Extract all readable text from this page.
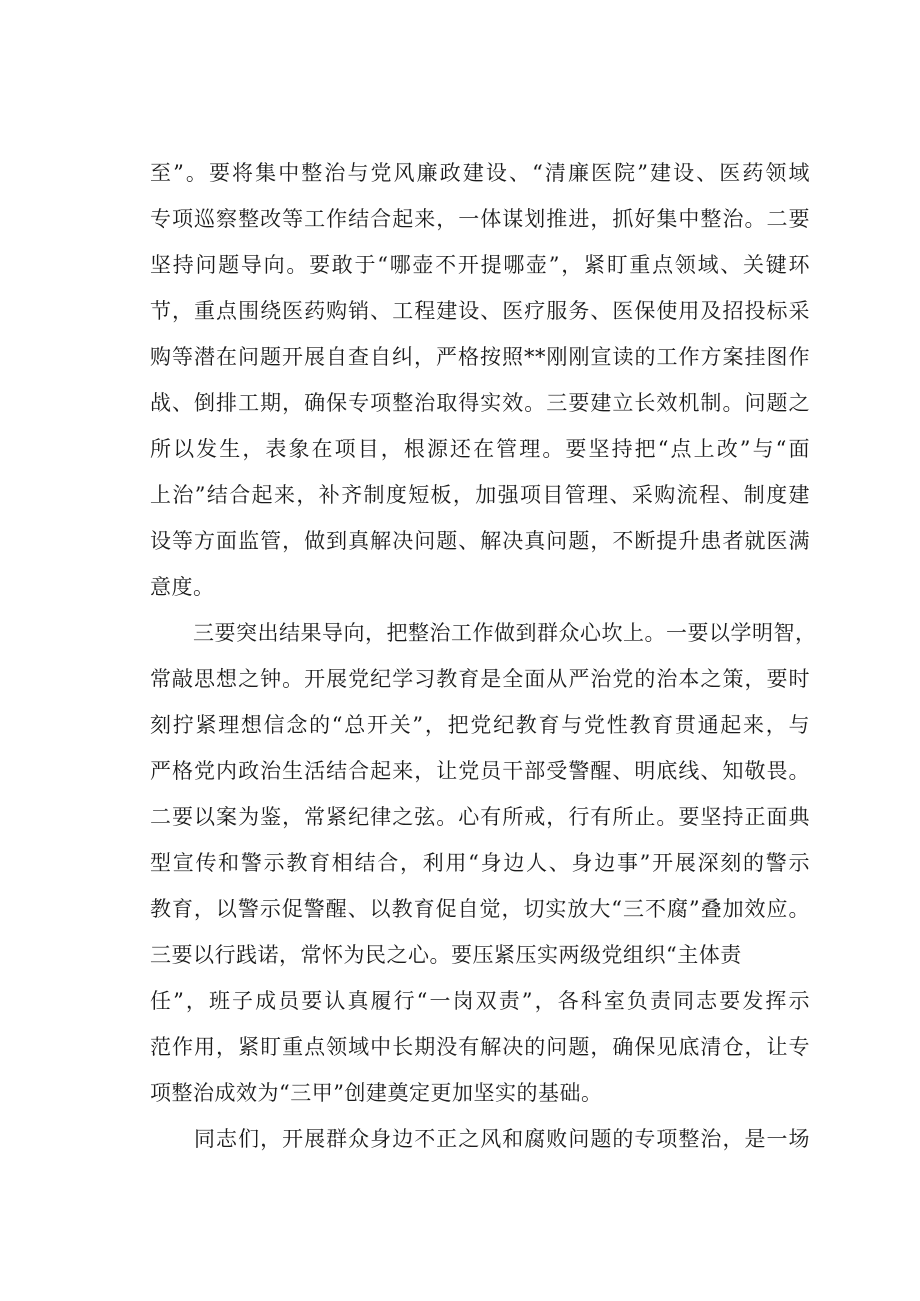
至”。要将集中整治与党风廉政建设、“清廉医院”建设、医药领域
专项巡察整改等工作结合起来，一体谋划推进，抓好集中整治。二要
坚持问题导向。要敢于“哪壶不开提哪壶”，紧盯重点领域、关键环
节，重点围绕医药购销、工程建设、医疗服务、医保使用及招投标采
购等潜在问题开展自查自纠，严格按照**刚刚宣读的工作方案挂图作
战、倒排工期，确保专项整治取得实效。三要建立长效机制。问题之
所以发生，表象在项目，根源还在管理。要坚持把“点上改”与“面
上治”结合起来，补齐制度短板，加强项目管理、采购流程、制度建
设等方面监管，做到真解决问题、解决真问题，不断提升患者就医满
意度。
　　三要突出结果导向，把整治工作做到群众心坎上。一要以学明智，
常敲思想之钟。开展党纪学习教育是全面从严治党的治本之策，要时
刻拧紧理想信念的“总开关”，把党纪教育与党性教育贯通起来，与
严格党内政治生活结合起来，让党员干部受警醒、明底线、知敬畏。
二要以案为鉴，常紧纪律之弦。心有所戒，行有所止。要坚持正面典
型宣传和警示教育相结合，利用“身边人、身边事”开展深刻的警示
教育，以警示促警醒、以教育促自觉，切实放大“三不腐”叠加效应。
三要以行践诺，常怀为民之心。要压紧压实两级党组织“主体责
任”，班子成员要认真履行“一岗双责”，各科室负责同志要发挥示
范作用，紧盯重点领域中长期没有解决的问题，确保见底清仓，让专
项整治成效为“三甲”创建奠定更加坚实的基础。
　　同志们，开展群众身边不正之风和腐败问题的专项整治，是一场
